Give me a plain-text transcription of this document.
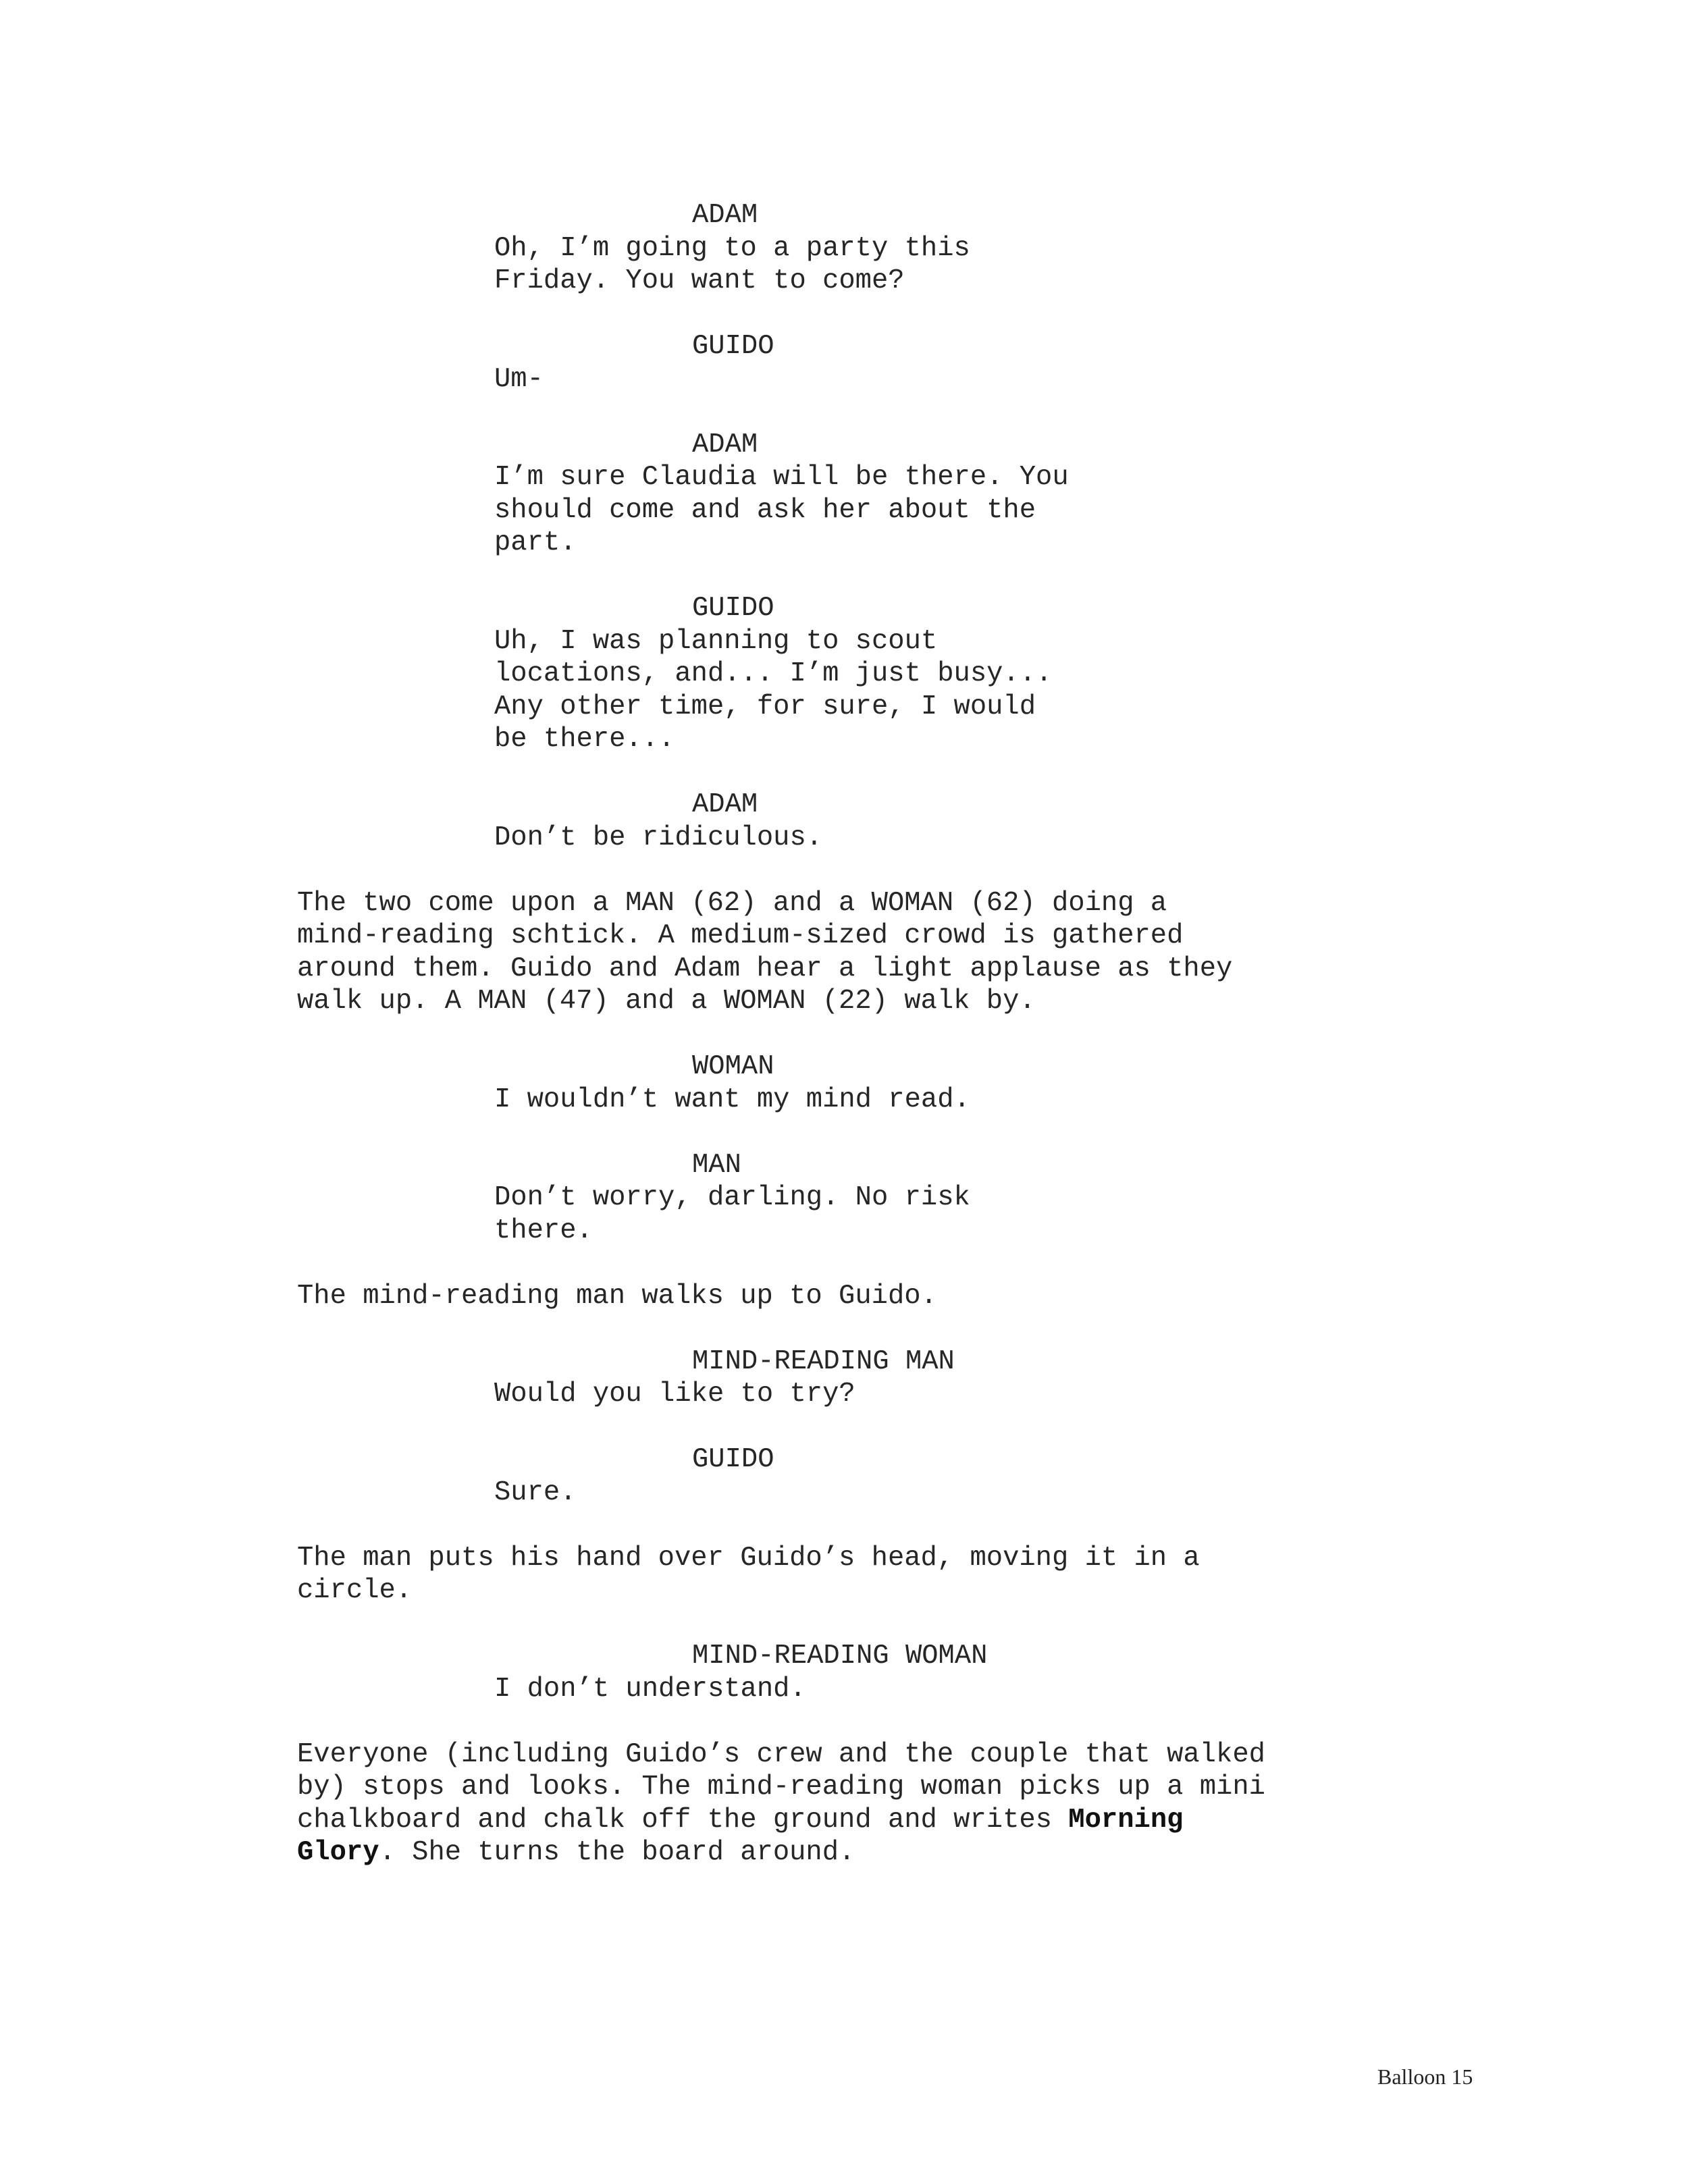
ADAM
Oh, I’m going to a party this
Friday. You want to come?
GUIDO
Um-
ADAM
I’m sure Claudia will be there. You
should come and ask her about the
part.
GUIDO
Uh, I was planning to scout
locations, and... I’m just busy...
Any other time, for sure, I would
be there...
ADAM
Don’t be ridiculous.
The two come upon a MAN (62) and a WOMAN (62) doing a
mind-reading schtick. A medium-sized crowd is gathered
around them. Guido and Adam hear a light applause as they
walk up. A MAN (47) and a WOMAN (22) walk by.
WOMAN
I wouldn’t want my mind read.
MAN
Don’t worry, darling. No risk
there.
The mind-reading man walks up to Guido.
MIND-READING MAN
Would you like to try?
GUIDO
Sure.
The man puts his hand over Guido’s head, moving it in a
circle.
MIND-READING WOMAN
I don’t understand.
Everyone (including Guido’s crew and the couple that walked
by) stops and looks. The mind-reading woman picks up a mini
chalkboard and chalk off the ground and writes Morning
Glory. She turns the board around.
Balloon 15
